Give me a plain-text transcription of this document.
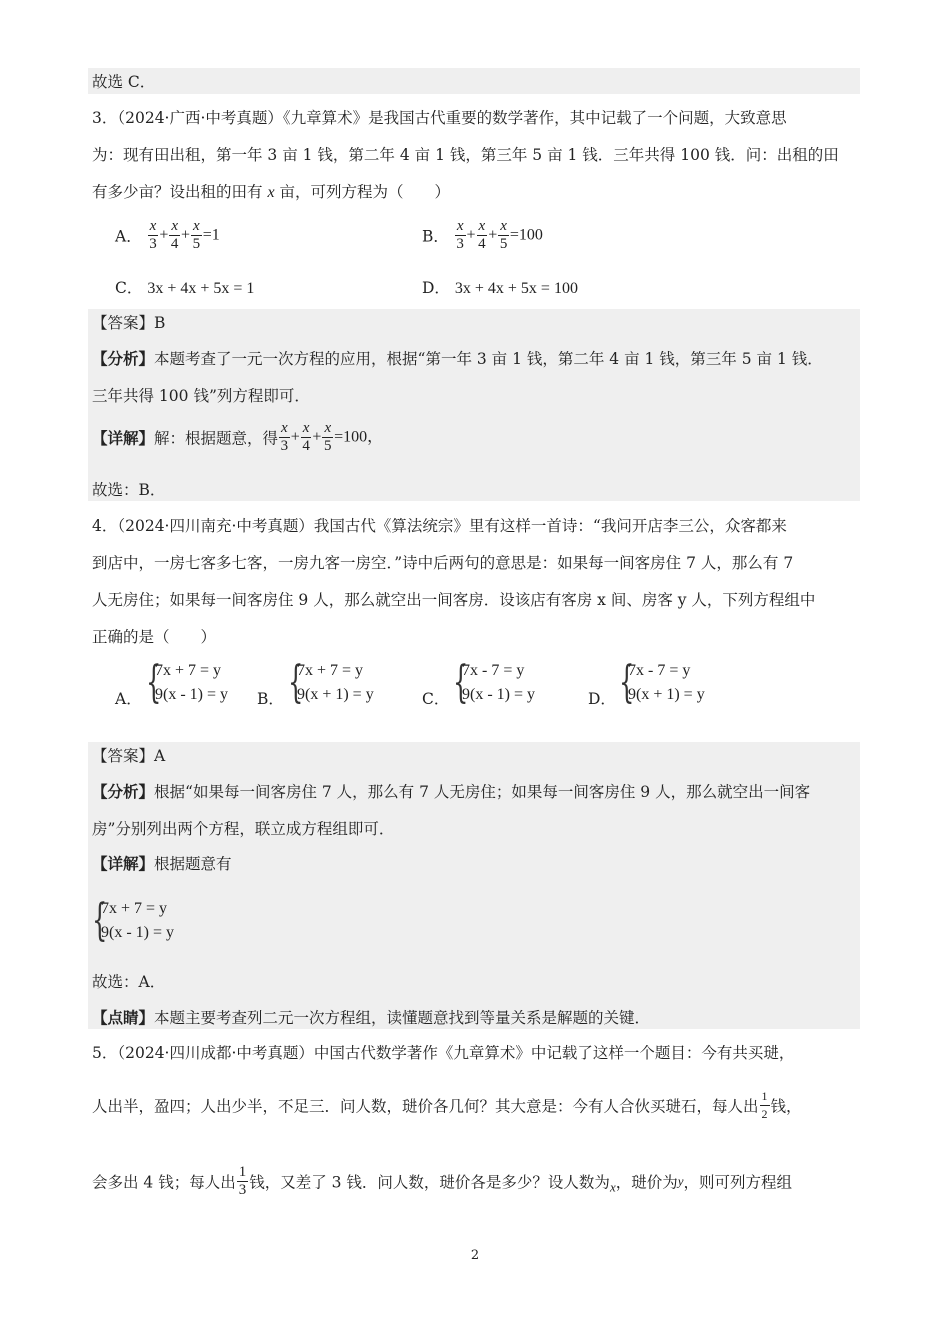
故选 C．
3．（2024·广西·中考真题）《九章算术》是我国古代重要的数学著作，其中记载了一个问题，大致意思
为：现有田出租，第一年 3 亩 1 钱，第二年 4 亩 1 钱，第三年 5 亩 1 钱．三年共得 100 钱．问：出租的田
有多少亩？设出租的田有 x 亩，可列方程为（　　）
A． $\frac{x}{3} + \frac{x}{4} + \frac{x}{5} =1$	B． $\frac{x}{3} + \frac{x}{4} + \frac{x}{5} =100$
C． 3x + 4x + 5x = 1	D． 3x + 4x + 5x = 100
【答案】B
【分析】本题考查了一元一次方程的应用，根据“第一年 3 亩 1 钱，第二年 4 亩 1 钱，第三年 5 亩 1 钱．
三年共得 100 钱”列方程即可．
【详解】解：根据题意，得 $\frac{x}{3} + \frac{x}{4} + \frac{x}{5} =100$，
故选：B．
4．（2024·四川南充·中考真题）我国古代《算法统宗》里有这样一首诗：“我问开店李三公，众客都来
到店中，一房七客多七客，一房九客一房空．”诗中后两句的意思是：如果每一间客房住 7 人，那么有 7
人无房住；如果每一间客房住 9 人，那么就空出一间客房．设该店有客房 x 间、房客 y 人，下列方程组中
正确的是（　　）
A． {
7x + 7 = y
9(x - 1) = y B． {
7x + 7 = y
9(x + 1) = y	C． {
7x - 7 = y
9(x - 1) = y	D． {
7x - 7 = y
9(x + 1) = y
【答案】A
【分析】根据“如果每一间客房住 7 人，那么有 7 人无房住；如果每一间客房住 9 人，那么就空出一间客
房”分别列出两个方程，联立成方程组即可．
【详解】根据题意有
{
7x + 7 = y
9(x - 1) = y
故选：A．
【点睛】本题主要考查列二元一次方程组，读懂题意找到等量关系是解题的关键．
5．（2024·四川成都·中考真题）中国古代数学著作《九章算术》中记载了这样一个题目：今有共买琎，
人出半，盈四；人出少半，不足三．问人数，琎价各几何？其大意是：今有人合伙买琎石，每人出 $\frac{1}{2}$ 钱，
会多出 4 钱；每人出 $\frac{1}{3}$ 钱，又差了 3 钱．问人数，琎价各是多少？设人数为$_x$，琎价为y，则可列方程组
2
